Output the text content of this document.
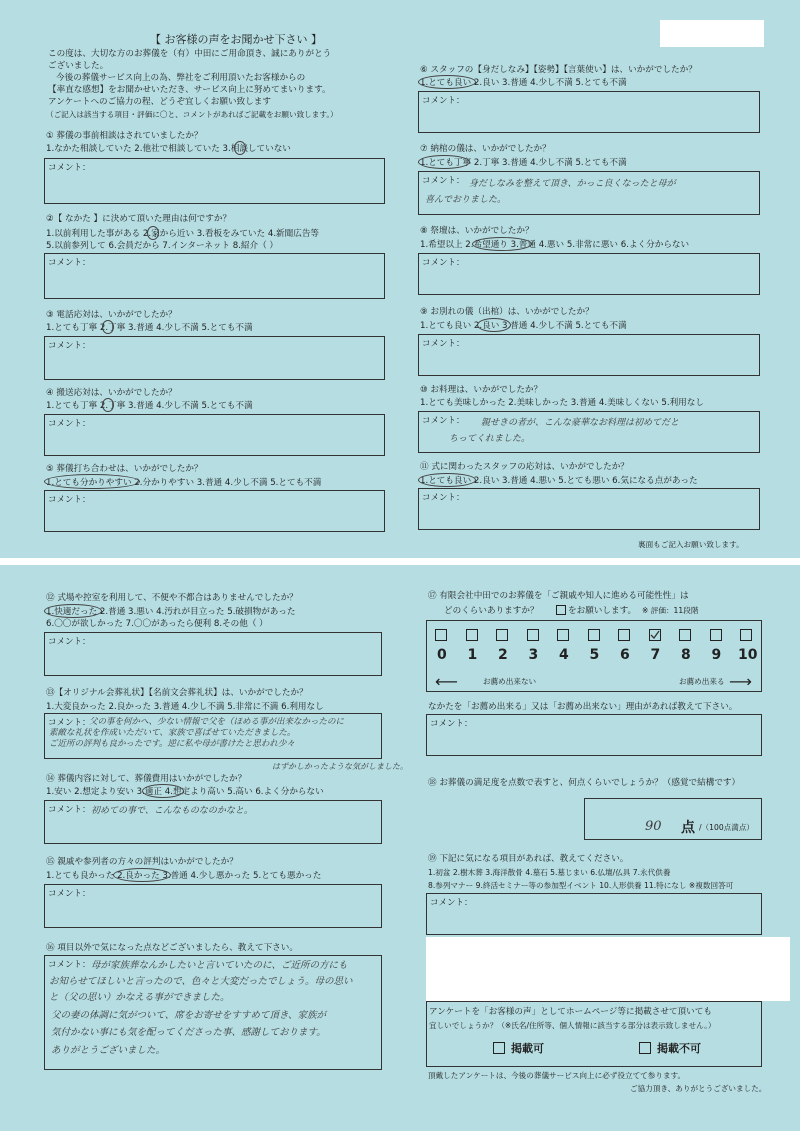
【 お客様の声をお聞かせ下さい 】
この度は、大切な方のお葬儀を（有）中田にご用命頂き、誠にありがとう
ございました。
今後の葬儀サービス向上の為、弊社をご利用頂いたお客様からの
【率直な感想】をお聞かせいただき、サービス向上に努めてまいります。
アンケートへのご協力の程、どうぞ宜しくお願い致します
（ご記入は該当する項目・評価に〇と、コメントがあればご記載をお願い致します。）
① 葬儀の事前相談はされていましたか？
1.なかた相談していた 2.他社で相談していた 3.相談していない
コメント：
②【 なかた 】に決めて頂いた理由は何ですか？
1.以前利用した事がある 2.家から近い 3.看板をみていた 4.新聞広告等
5.以前参列して 6.会員だから 7.インターネット 8.紹介（ ）
コメント：
③ 電話応対は、いかがでしたか？
1.とても丁寧 2.丁寧 3.普通 4.少し不満 5.とても不満
コメント：
④ 搬送応対は、いかがでしたか？
1.とても丁寧 2.丁寧 3.普通 4.少し不満 5.とても不満
コメント：
⑤ 葬儀打ち合わせは、いかがでしたか？
1.とても分かりやすい 2.分かりやすい 3.普通 4.少し不満 5.とても不満
コメント：
⑥ スタッフの【身だしなみ】【姿勢】【言葉使い】は、いかがでしたか？
1.とても良い 2.良い 3.普通 4.少し不満 5.とても不満
コメント：
⑦ 納棺の儀は、いかがでしたか？
1.とても丁寧 2.丁寧 3.普通 4.少し不満 5.とても不満
コメント： 身だしなみを整えて頂き、かっこ良くなったと母が
喜んでおりました。
⑧ 祭壇は、いかがでしたか？
1.希望以上 2.希望通り 3.普通 4.悪い 5.非常に悪い 6.よく分からない
コメント：
⑨ お別れの儀（出棺）は、いかがでしたか？
1.とても良い 2.良い 3.普通 4.少し不満 5.とても不満
コメント：
⑩ お料理は、いかがでしたか？
1.とても美味しかった 2.美味しかった 3.普通 4.美味しくない 5.利用なし
コメント： 親せきの者が、こんな豪華なお料理は初めてだと
ちってくれました。
⑪ 式に関わったスタッフの応対は、いかがでしたか？
1.とても良い 2.良い 3.普通 4.悪い 5.とても悪い 6.気になる点があった
コメント：
裏面もご記入お願い致します。
⑫ 式場や控室を利用して、不便や不都合はありませんでしたか？
1.快適だった 2.普通 3.悪い 4.汚れが目立った 5.破損物があった
6.〇〇が欲しかった 7.〇〇があったら便利 8.その他（ ）
コメント：
⑬【オリジナル会葬礼状】【名前文会葬礼状】は、いかがでしたか？
1.大変良かった 2.良かった 3.普通 4.少し不満 5.非常に不満 6.利用なし
コメント：
父の事を何かへ、少ない情報で父を（ほめる事が出来なかったのに
素敵な礼状を作成いただいて、家族で喜ばせていただきました。
ご近所の評判も良かったです。逆に私や母が書けたと思われ少々
はずかしかったような気がしました。
⑭ 葬儀内容に対して、葬儀費用はいかがでしたか？
1.安い 2.想定より安い 3.適正 4.想定より高い 5.高い 6.よく分からない
コメント： 初めての事で、こんなものなのかなと。
⑮ 親戚や参列者の方々の評判はいかがでしたか？
1.とても良かった 2.良かった 3.普通 4.少し悪かった 5.とても悪かった
コメント：
⑯ 項目以外で気になった点などございましたら、教えて下さい。
コメント： 母が家族葬なんかしたいと言いていたのに、ご近所の方にも
お知らせてほしいと言ったので、色々と大変だったでしょう。母の思い
と（父の思い）かなえる事ができました。
父の妻の体調に気がついて、席をお寄せをすすめて頂き、家族が
気付かない事にも気を配ってくださった事、感謝しております。
ありがとうございました。
⑰ 有限会社中田でのお葬儀を「ご親戚や知人に進める可能性性」は
どのくらいありますか？	をお願いします。 ※ 評価：11段階
0 1 2 3 4 5 6 7 8 9 10
⟵	お薦め出来ない	お薦め出来る ⟶
なかたを「お薦め出来る」又は「お薦め出来ない」理由があれば教えて下さい。
コメント：
⑱ お葬儀の満足度を点数で表すと、何点くらいでしょうか？（感覚で結構です）
90 点 /（100点満点）
⑲ 下記に気になる項目があれば、教えてください。
1.初盆 2.樹木葬 3.海洋散骨 4.墓石 5.墓じまい 6.仏壇/仏具 7.永代供養
8.参列マナー 9.終活セミナー等の参加型イベント 10.人形供養 11.特になし ※複数回答可
コメント：
アンケートを「お客様の声」としてホームページ等に掲載させて頂いても
宜しいでしょうか？（※氏名/住所等、個人情報に該当する部分は表示致しません。）
掲載可	掲載不可
頂戴したアンケートは、今後の葬儀サービス向上に必ず役立てて参ります。
ご協力頂き、ありがとうございました。
